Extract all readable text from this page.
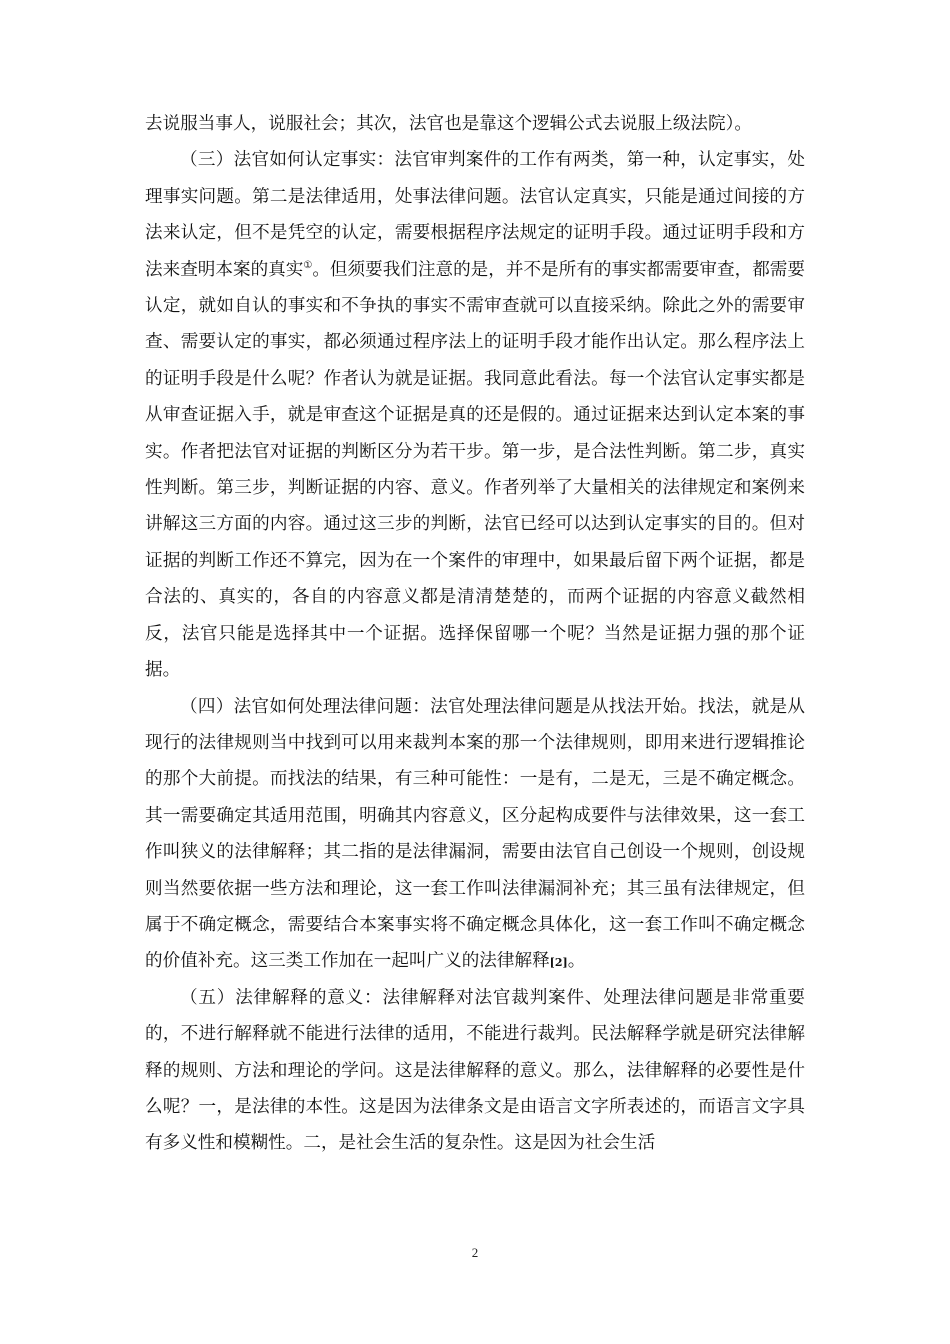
去说服当事人，说服社会；其次，法官也是靠这个逻辑公式去说服上级法院）。

（三）法官如何认定事实：法官审判案件的工作有两类，第一种，认定事实，处理事实问题。第二是法律适用，处事法律问题。法官认定真实，只能是通过间接的方法来认定，但不是凭空的认定，需要根据程序法规定的证明手段。通过证明手段和方法来查明本案的真实①。但须要我们注意的是，并不是所有的事实都需要审查，都需要认定，就如自认的事实和不争执的事实不需审查就可以直接采纳。除此之外的需要审查、需要认定的事实，都必须通过程序法上的证明手段才能作出认定。那么程序法上的证明手段是什么呢？作者认为就是证据。我同意此看法。每一个法官认定事实都是从审查证据入手，就是审查这个证据是真的还是假的。通过证据来达到认定本案的事实。作者把法官对证据的判断区分为若干步。第一步，是合法性判断。第二步，真实性判断。第三步，判断证据的内容、意义。作者列举了大量相关的法律规定和案例来讲解这三方面的内容。通过这三步的判断，法官已经可以达到认定事实的目的。但对证据的判断工作还不算完，因为在一个案件的审理中，如果最后留下两个证据，都是合法的、真实的，各自的内容意义都是清清楚楚的，而两个证据的内容意义截然相反，法官只能是选择其中一个证据。选择保留哪一个呢？当然是证据力强的那个证据。

（四）法官如何处理法律问题：法官处理法律问题是从找法开始。找法，就是从现行的法律规则当中找到可以用来裁判本案的那一个法律规则，即用来进行逻辑推论的那个大前提。而找法的结果，有三种可能性：一是有，二是无，三是不确定概念。其一需要确定其适用范围，明确其内容意义，区分起构成要件与法律效果，这一套工作叫狭义的法律解释；其二指的是法律漏洞，需要由法官自己创设一个规则，创设规则当然要依据一些方法和理论，这一套工作叫法律漏洞补充；其三虽有法律规定，但属于不确定概念，需要结合本案事实将不确定概念具体化，这一套工作叫不确定概念的价值补充。这三类工作加在一起叫广义的法律解释[2]。

（五）法律解释的意义：法律解释对法官裁判案件、处理法律问题是非常重要的，不进行解释就不能进行法律的适用，不能进行裁判。民法解释学就是研究法律解释的规则、方法和理论的学问。这是法律解释的意义。那么，法律解释的必要性是什么呢？一，是法律的本性。这是因为法律条文是由语言文字所表述的，而语言文字具有多义性和模糊性。二，是社会生活的复杂性。这是因为社会生活

2
